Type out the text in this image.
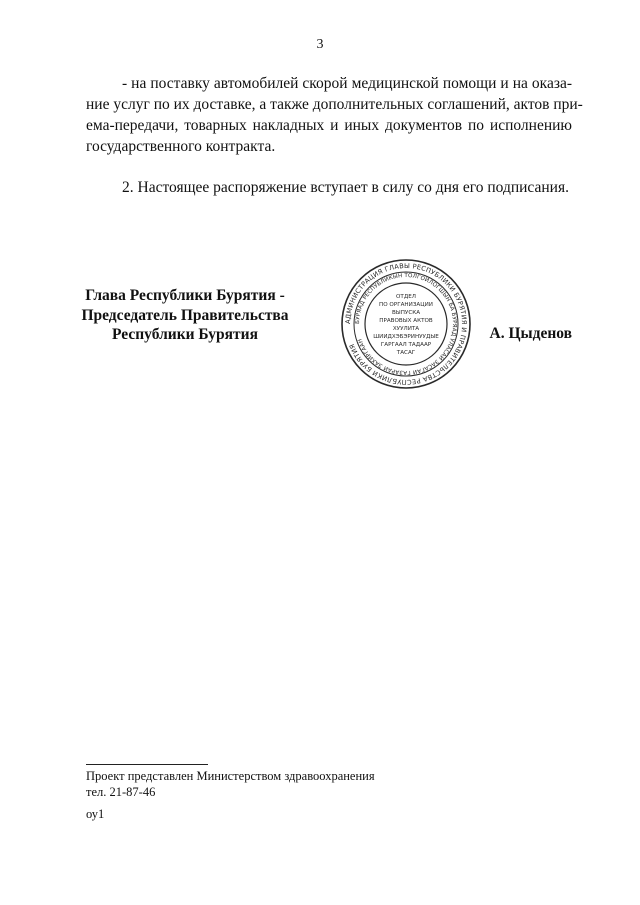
3
- на поставку автомобилей скорой медицинской помощи и на оказа-
ние услуг по их доставке, а также дополнительных соглашений, актов при-
ема-передачи, товарных накладных и иных документов по исполнению
государственного контракта.
2. Настоящее распоряжение вступает в силу со дня его подписания.
Глава Республики Бурятия -
Председатель Правительства
Республики Бурятия
АДМИНИСТРАЦИЯ ГЛАВЫ РЕСПУБЛИКИ БУРЯТИЯ И ПРАВИТЕЛЬСТВА РЕСПУБЛИКИ БУРЯТИЯ
БУРЯАД РЕСПУБЛИКЫН ТОЛГОЙЛОГШЫН БА БУРЯАД УЛАСАЙ ЗАСАГАЙ ГАЗАРАЙ ЗАХИРГААН
ОТДЕЛ
ПО ОРГАНИЗАЦИИ
ВЫПУСКА
ПРАВОВЫХ АКТОВ
ХУУЛИТА
ШИИДХЭБЭРИНУУДЫЕ
ГАРГААЛ ТАДААР
ТАСАГ
А. Цыденов
Проект представлен Министерством здравоохранения
тел. 21-87-46
оу1
